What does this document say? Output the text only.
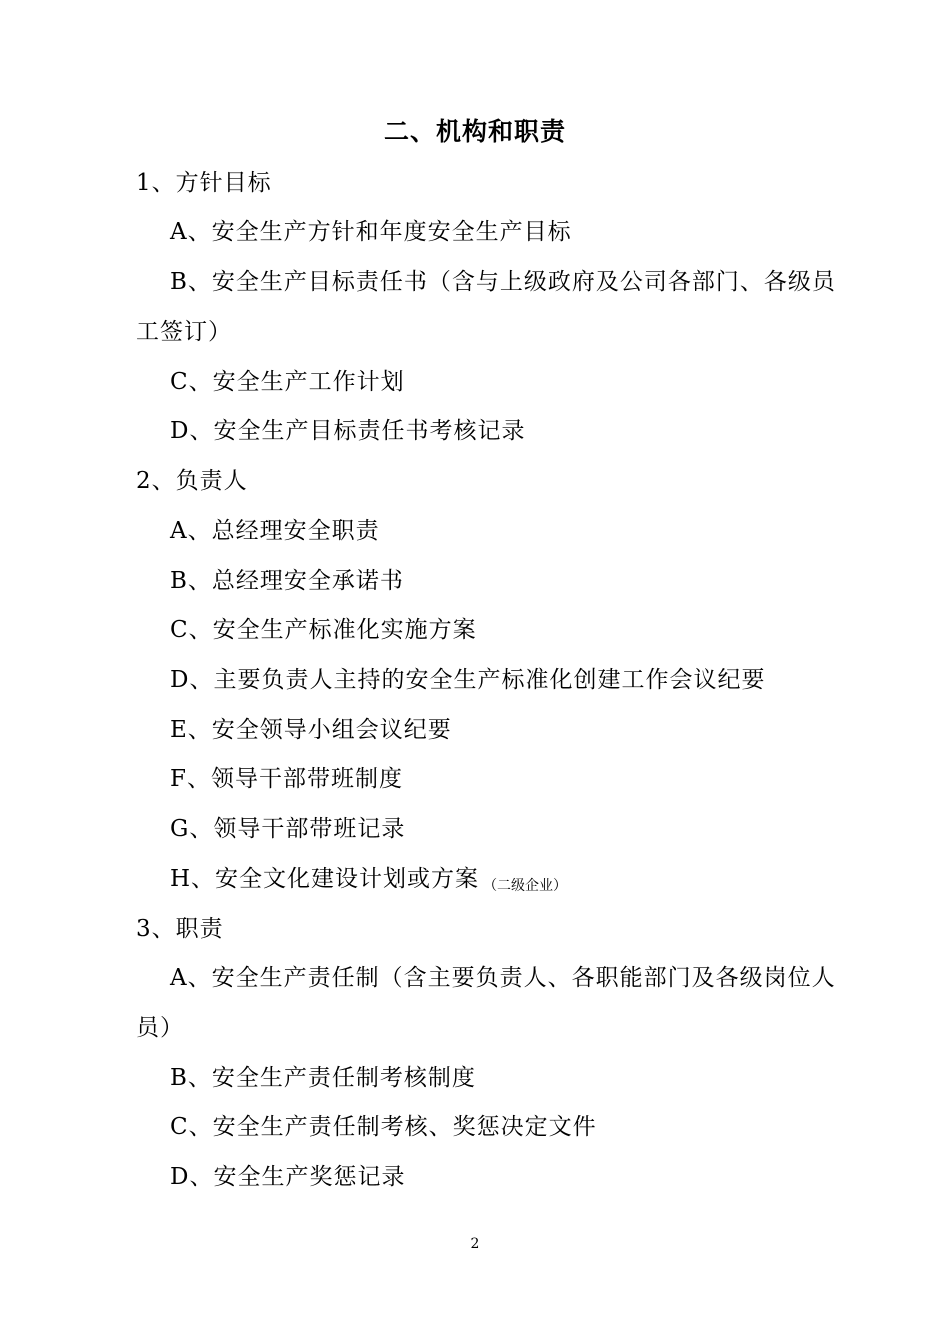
二、机构和职责
1、方针目标
A、安全生产方针和年度安全生产目标
B、安全生产目标责任书（含与上级政府及公司各部门、各级员
工签订）
C、安全生产工作计划
D、安全生产目标责任书考核记录
2、负责人
A、总经理安全职责
B、总经理安全承诺书
C、安全生产标准化实施方案
D、主要负责人主持的安全生产标准化创建工作会议纪要
E、安全领导小组会议纪要
F、领导干部带班制度
G、领导干部带班记录
H、安全文化建设计划或方案 （二级企业）
3、职责
A、安全生产责任制（含主要负责人、各职能部门及各级岗位人
员）
B、安全生产责任制考核制度
C、安全生产责任制考核、奖惩决定文件
D、安全生产奖惩记录
2
